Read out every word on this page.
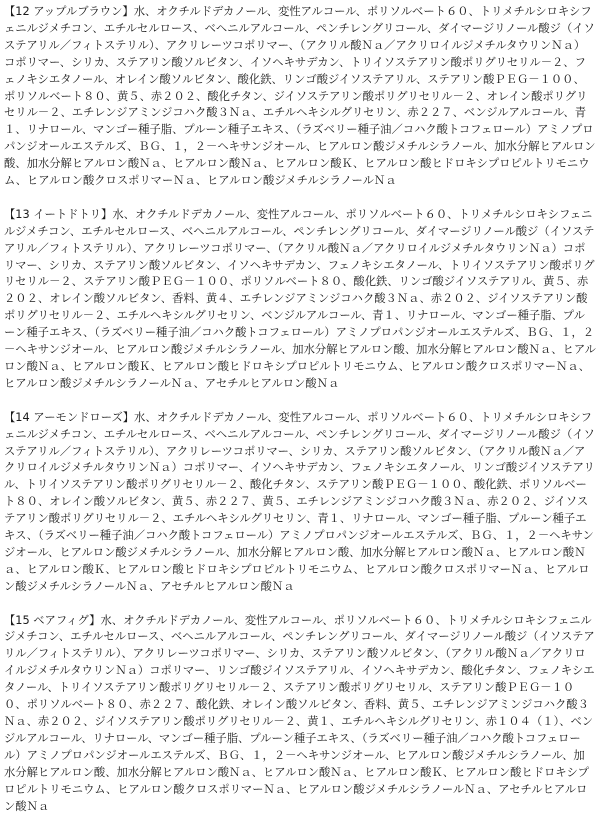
【12 アップルブラウン】水、オクチルドデカノール、変性アルコール、ポリソルベート６０、トリメチルシロキシフェニルジメチコン、エチルセルロース、ベヘニルアルコール、ペンチレングリコール、ダイマージリノール酸ジ（イソステアリル／フィトステリル）、アクリレーツコポリマー、（アクリル酸Ｎａ／アクリロイルジメチルタウリンＮａ）コポリマー、シリカ、ステアリン酸ソルビタン、イソヘキサデカン、トリイソステアリン酸ポリグリセリル－２、フェノキシエタノール、オレイン酸ソルビタン、酸化鉄、リンゴ酸ジイソステアリル、ステアリン酸ＰＥＧ－１００、ポリソルベート８０、黄５、赤２０２、酸化チタン、ジイソステアリン酸ポリグリセリル－２、オレイン酸ポリグリセリル－２、エチレンジアミンジコハク酸３Ｎａ、エチルヘキシルグリセリン、赤２２７、ベンジルアルコール、青１、リナロール、マンゴー種子脂、プルーン種子エキス、（ラズベリー種子油／コハク酸トコフェロール）アミノプロパンジオールエステルズ、ＢＧ、１，２－ヘキサンジオール、ヒアルロン酸ジメチルシラノール、加水分解ヒアルロン酸、加水分解ヒアルロン酸Ｎａ、ヒアルロン酸Ｎａ、ヒアルロン酸Ｋ、ヒアルロン酸ヒドロキシプロピルトリモニウム、ヒアルロン酸クロスポリマーＮａ、ヒアルロン酸ジメチルシラノールＮａ

【13 イートドトリ】水、オクチルドデカノール、変性アルコール、ポリソルベート６０、トリメチルシロキシフェニルジメチコン、エチルセルロース、ベヘニルアルコール、ペンチレングリコール、ダイマージリノール酸ジ（イソステアリル／フィトステリル）、アクリレーツコポリマー、（アクリル酸Ｎａ／アクリロイルジメチルタウリンＮａ）コポリマー、シリカ、ステアリン酸ソルビタン、イソヘキサデカン、フェノキシエタノール、トリイソステアリン酸ポリグリセリル－２、ステアリン酸ＰＥＧ－１００、ポリソルベート８０、酸化鉄、リンゴ酸ジイソステアリル、黄５、赤２０２、オレイン酸ソルビタン、香料、黄４、エチレンジアミンジコハク酸３Ｎａ、赤２０２、ジイソステアリン酸ポリグリセリル－２、エチルヘキシルグリセリン、ベンジルアルコール、青１、リナロール、マンゴー種子脂、プルーン種子エキス、（ラズベリー種子油／コハク酸トコフェロール）アミノプロパンジオールエステルズ、ＢＧ、１，２－ヘキサンジオール、ヒアルロン酸ジメチルシラノール、加水分解ヒアルロン酸、加水分解ヒアルロン酸Ｎａ、ヒアルロン酸Ｎａ、ヒアルロン酸Ｋ、ヒアルロン酸ヒドロキシプロピルトリモニウム、ヒアルロン酸クロスポリマーＮａ、ヒアルロン酸ジメチルシラノールＮａ、アセチルヒアルロン酸Ｎａ

【14 アーモンドローズ】水、オクチルドデカノール、変性アルコール、ポリソルベート６０、トリメチルシロキシフェニルジメチコン、エチルセルロース、ベヘニルアルコール、ペンチレングリコール、ダイマージリノール酸ジ（イソステアリル／フィトステリル）、アクリレーツコポリマー、シリカ、ステアリン酸ソルビタン、（アクリル酸Ｎａ／アクリロイルジメチルタウリンＮａ）コポリマー、イソヘキサデカン、フェノキシエタノール、リンゴ酸ジイソステアリル、トリイソステアリン酸ポリグリセリル－２、酸化チタン、ステアリン酸ＰＥＧ－１００、酸化鉄、ポリソルベート８０、オレイン酸ソルビタン、黄５、赤２２７、黄５、エチレンジアミンジコハク酸３Ｎａ、赤２０２、ジイソステアリン酸ポリグリセリル－２、エチルヘキシルグリセリン、青１、リナロール、マンゴー種子脂、プルーン種子エキス、（ラズベリー種子油／コハク酸トコフェロール）アミノプロパンジオールエステルズ、ＢＧ、１，２－ヘキサンジオール、ヒアルロン酸ジメチルシラノール、加水分解ヒアルロン酸、加水分解ヒアルロン酸Ｎａ、ヒアルロン酸Ｎａ、ヒアルロン酸Ｋ、ヒアルロン酸ヒドロキシプロピルトリモニウム、ヒアルロン酸クロスポリマーＮａ、ヒアルロン酸ジメチルシラノールＮａ、アセチルヒアルロン酸Ｎａ

【15 ベアフィグ】水、オクチルドデカノール、変性アルコール、ポリソルベート６０、トリメチルシロキシフェニルジメチコン、エチルセルロース、ベヘニルアルコール、ペンチレングリコール、ダイマージリノール酸ジ（イソステアリル／フィトステリル）、アクリレーツコポリマー、シリカ、ステアリン酸ソルビタン、（アクリル酸Ｎａ／アクリロイルジメチルタウリンＮａ）コポリマー、リンゴ酸ジイソステアリル、イソヘキサデカン、酸化チタン、フェノキシエタノール、トリイソステアリン酸ポリグリセリル－２、ステアリン酸ポリグリセリル、ステアリン酸ＰＥＧ－１００、ポリソルベート８０、赤２２７、酸化鉄、オレイン酸ソルビタン、香料、黄５、エチレンジアミンジコハク酸３Ｎａ、赤２０２、ジイソステアリン酸ポリグリセリル－２、黄１、エチルヘキシルグリセリン、赤１０４（１）、ベンジルアルコール、リナロール、マンゴー種子脂、プルーン種子エキス、（ラズベリー種子油／コハク酸トコフェロール）アミノプロパンジオールエステルズ、ＢＧ、１，２－ヘキサンジオール、ヒアルロン酸ジメチルシラノール、加水分解ヒアルロン酸、加水分解ヒアルロン酸Ｎａ、ヒアルロン酸Ｎａ、ヒアルロン酸Ｋ、ヒアルロン酸ヒドロキシプロピルトリモニウム、ヒアルロン酸クロスポリマーＮａ、ヒアルロン酸ジメチルシラノールＮａ、アセチルヒアルロン酸Ｎａ
